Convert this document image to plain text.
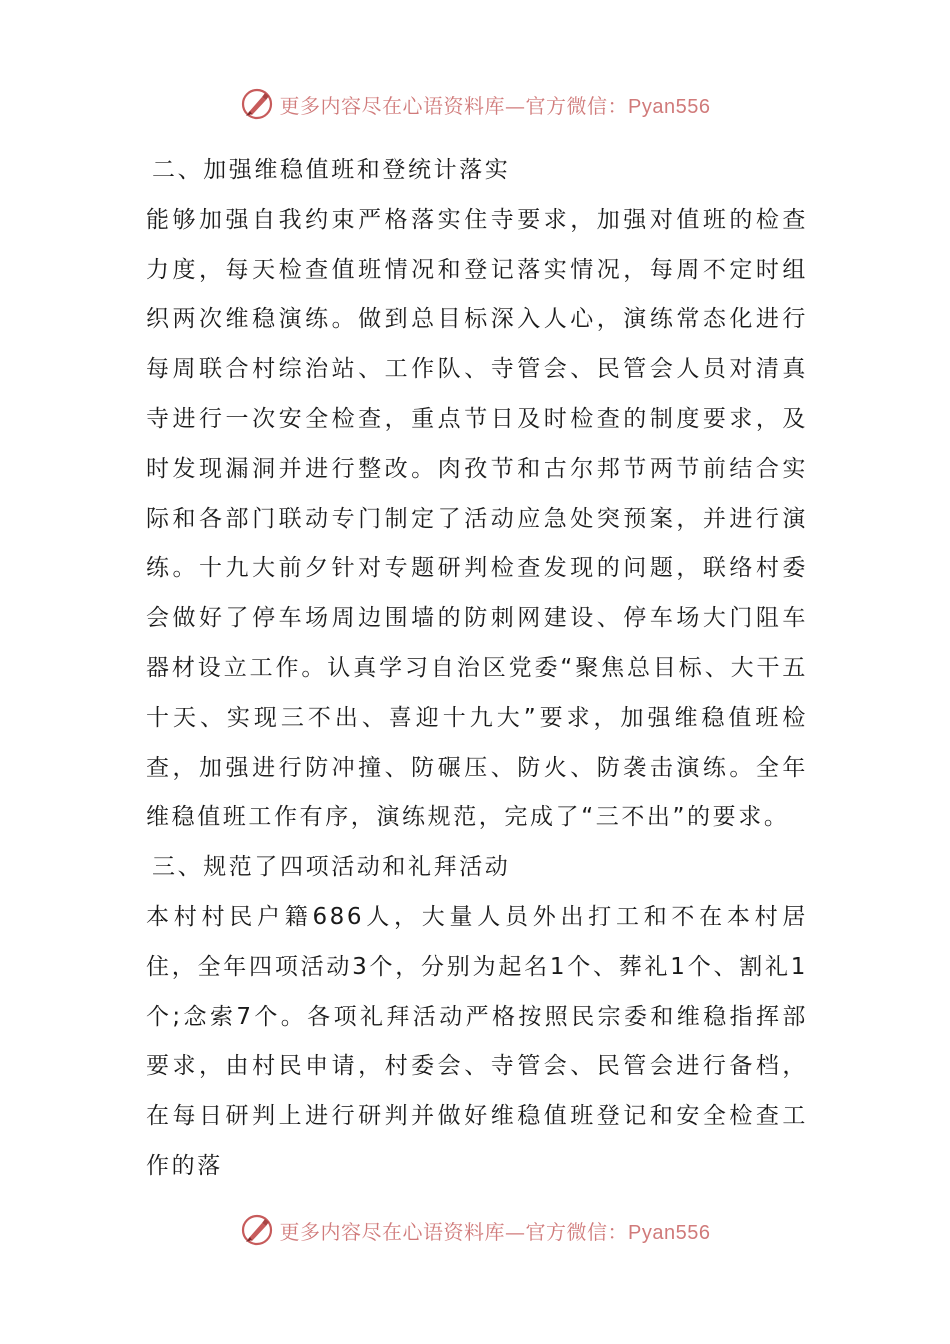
更多内容尽在心语资料库—官方微信：Pyan556

二、加强维稳值班和登统计落实

能够加强自我约束严格落实住寺要求，加强对值班的检查力度，每天检查值班情况和登记落实情况，每周不定时组织两次维稳演练。做到总目标深入人心，演练常态化进行每周联合村综治站、工作队、寺管会、民管会人员对清真寺进行一次安全检查，重点节日及时检查的制度要求，及时发现漏洞并进行整改。肉孜节和古尔邦节两节前结合实际和各部门联动专门制定了活动应急处突预案，并进行演练。十九大前夕针对专题研判检查发现的问题，联络村委会做好了停车场周边围墙的防刺网建设、停车场大门阻车器材设立工作。认真学习自治区党委“聚焦总目标、大干五十天、实现三不出、喜迎十九大”要求，加强维稳值班检查，加强进行防冲撞、防碾压、防火、防袭击演练。全年维稳值班工作有序，演练规范，完成了“三不出”的要求。

三、规范了四项活动和礼拜活动

本村村民户籍686人，大量人员外出打工和不在本村居住，全年四项活动3个，分别为起名1个、葬礼1个、割礼1个;念索7个。各项礼拜活动严格按照民宗委和维稳指挥部要求，由村民申请，村委会、寺管会、民管会进行备档，在每日研判上进行研判并做好维稳值班登记和安全检查工作的落

更多内容尽在心语资料库—官方微信：Pyan556
